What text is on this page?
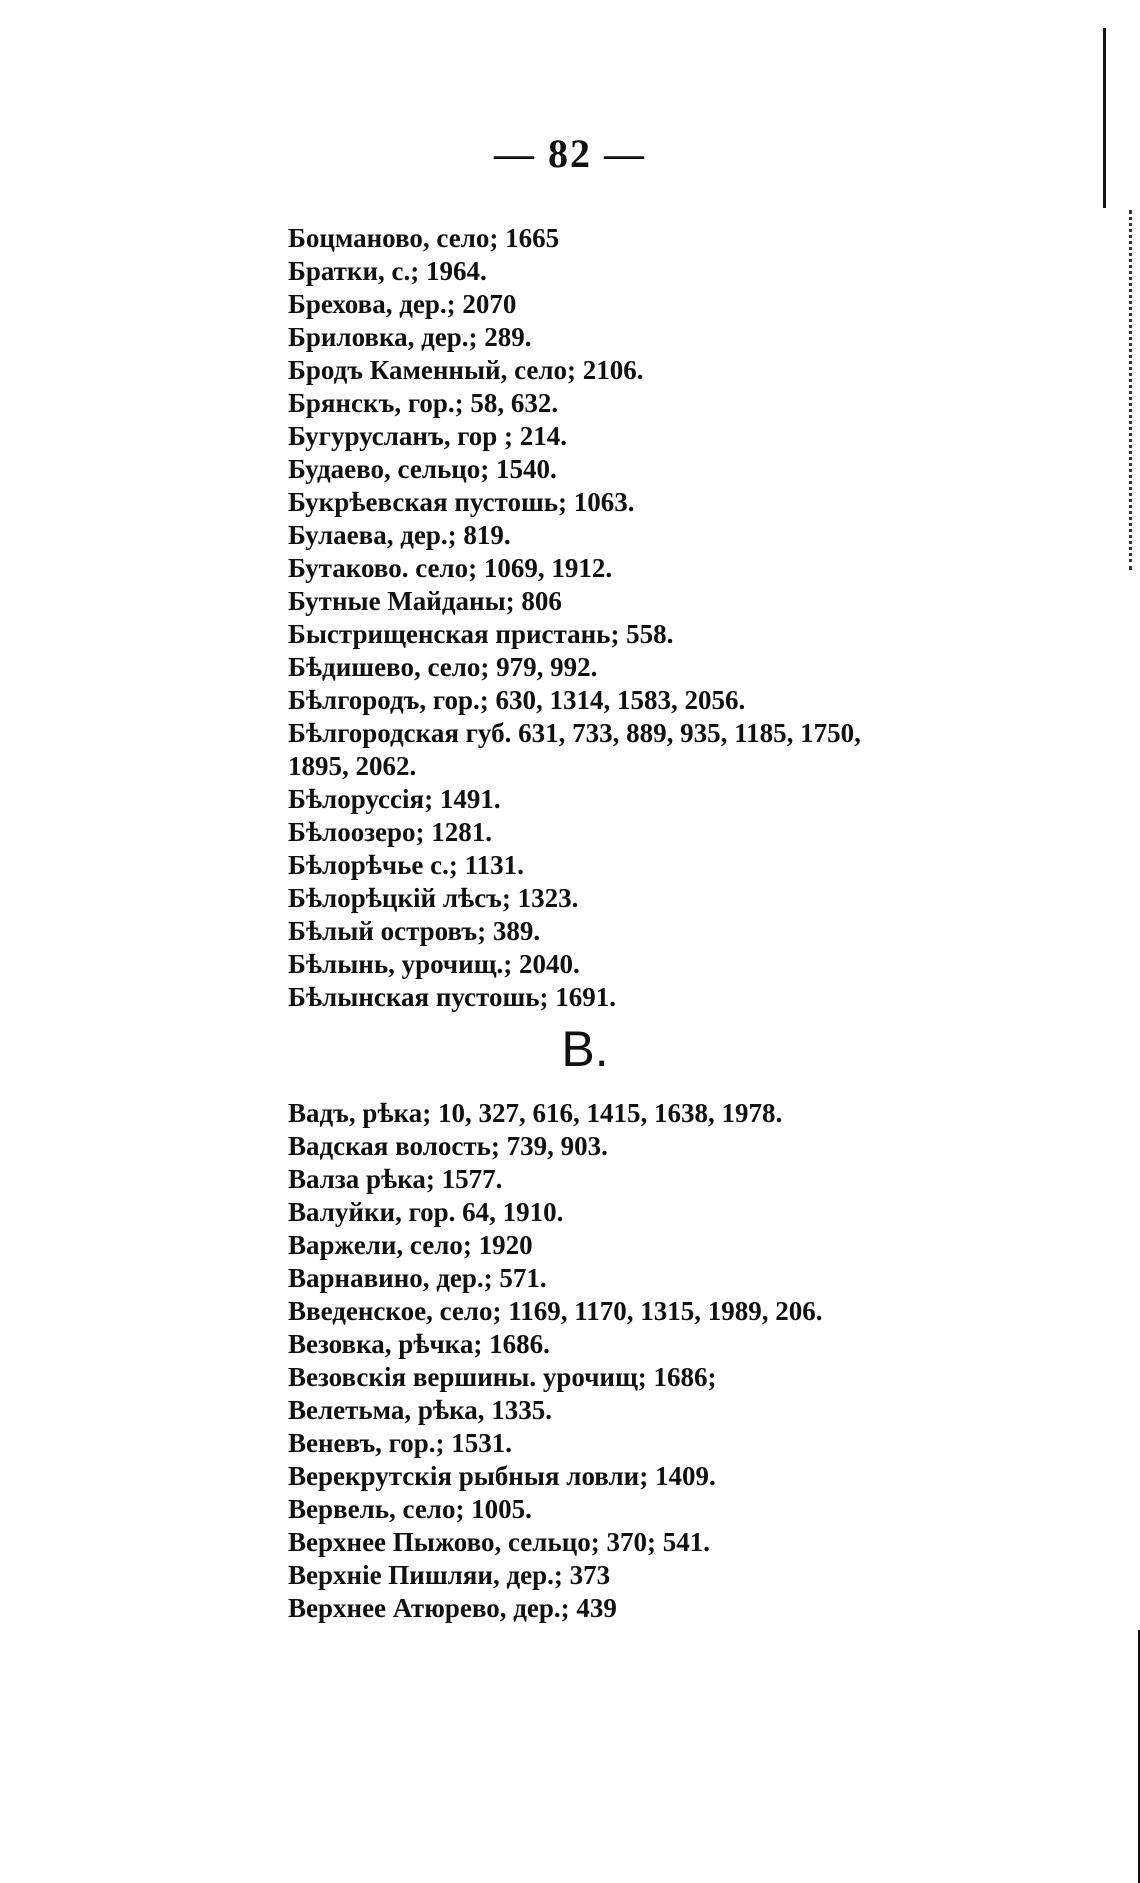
— 82 —
Боцманово, село; 1665
Братки, с.; 1964.
Брехова, дер.; 2070
Бриловка, дер.; 289.
Бродъ Каменный, село; 2106.
Брянскъ, гор.; 58, 632.
Бугурусланъ, гор ; 214.
Будаево, сельцо; 1540.
Букрѣевская пустошь; 1063.
Булаева, дер.; 819.
Бутаково. село; 1069, 1912.
Бутные Майданы; 806
Быстрищенская пристань; 558.
Бѣдишево, село; 979, 992.
Бѣлгородъ, гор.; 630, 1314, 1583, 2056.
Бѣлгородская губ. 631, 733, 889, 935, 1185, 1750,
1895, 2062.
Бѣлоруссія; 1491.
Бѣлоозеро; 1281.
Бѣлорѣчье с.; 1131.
Бѣлорѣцкій лѣсъ; 1323.
Бѣлый островъ; 389.
Бѣлынь, урочищ.; 2040.
Бѣлынская пустошь; 1691.
В.
Вадъ, рѣка; 10, 327, 616, 1415, 1638, 1978.
Вадская волость; 739, 903.
Валза рѣка; 1577.
Валуйки, гор. 64, 1910.
Варжели, село; 1920
Варнавино, дер.; 571.
Введенское, село; 1169, 1170, 1315, 1989, 206.
Везовка, рѣчка; 1686.
Везовскія вершины. урочищ; 1686;
Велетьма, рѣка, 1335.
Веневъ, гор.; 1531.
Верекрутскія рыбныя ловли; 1409.
Вервель, село; 1005.
Верхнее Пыжово, сельцо; 370; 541.
Верхніе Пишляи, дер.; 373
Верхнее Атюрево, дер.; 439
